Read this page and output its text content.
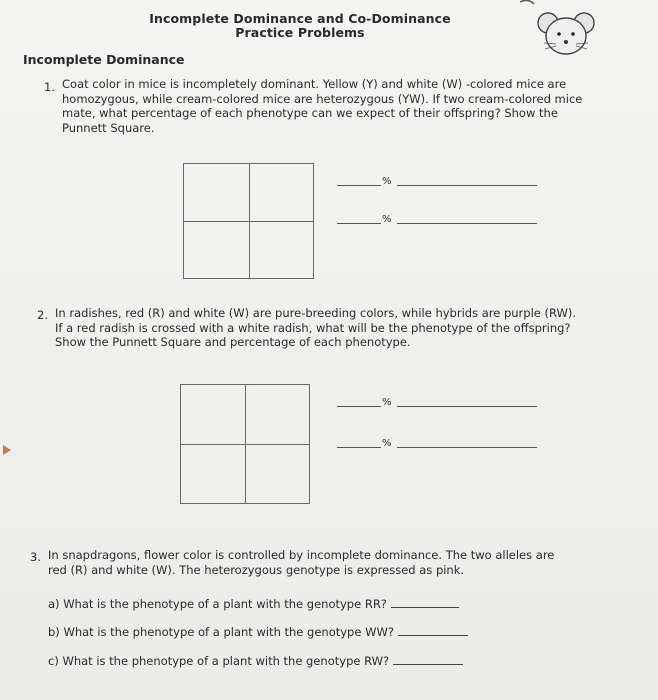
Incomplete Dominance and Co-Dominance
Practice Problems
Incomplete Dominance
1. Coat color in mice is incompletely dominant. Yellow (Y) and white (W) -colored mice are
homozygous, while cream-colored mice are heterozygous (YW). If two cream-colored mice
mate, what percentage of each phenotype can we expect of their offspring? Show the
Punnett Square.
%
%
2. In radishes, red (R) and white (W) are pure-breeding colors, while hybrids are purple (RW).
If a red radish is crossed with a white radish, what will be the phenotype of the offspring?
Show the Punnett Square and percentage of each phenotype.
%
%
3. In snapdragons, flower color is controlled by incomplete dominance. The two alleles are
red (R) and white (W). The heterozygous genotype is expressed as pink.
a) What is the phenotype of a plant with the genotype RR?
b) What is the phenotype of a plant with the genotype WW?
c) What is the phenotype of a plant with the genotype RW?
